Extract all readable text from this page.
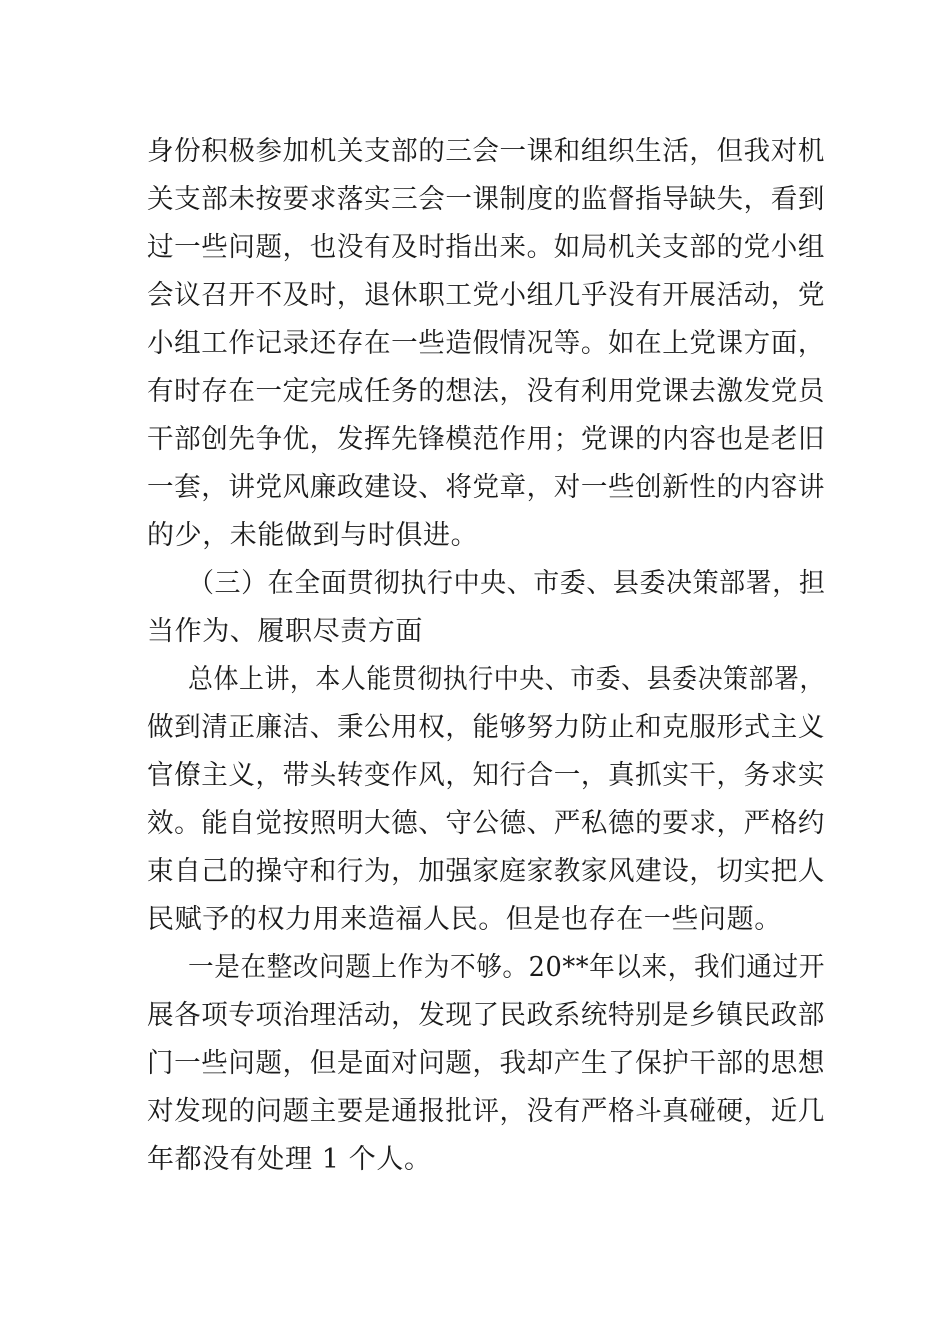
身份积极参加机关支部的三会一课和组织生活，但我对机
关支部未按要求落实三会一课制度的监督指导缺失，看到
过一些问题，也没有及时指出来。如局机关支部的党小组
会议召开不及时，退休职工党小组几乎没有开展活动，党
小组工作记录还存在一些造假情况等。如在上党课方面，
有时存在一定完成任务的想法，没有利用党课去激发党员
干部创先争优，发挥先锋模范作用；党课的内容也是老旧
一套，讲党风廉政建设、将党章，对一些创新性的内容讲
的少，未能做到与时俱进。
（三）在全面贯彻执行中央、市委、县委决策部署，担
当作为、履职尽责方面
总体上讲，本人能贯彻执行中央、市委、县委决策部署，
做到清正廉洁、秉公用权，能够努力防止和克服形式主义
官僚主义，带头转变作风，知行合一，真抓实干，务求实
效。能自觉按照明大德、守公德、严私德的要求，严格约
束自己的操守和行为，加强家庭家教家风建设，切实把人
民赋予的权力用来造福人民。但是也存在一些问题。
一是在整改问题上作为不够。20**年以来，我们通过开
展各项专项治理活动，发现了民政系统特别是乡镇民政部
门一些问题，但是面对问题，我却产生了保护干部的思想
对发现的问题主要是通报批评，没有严格斗真碰硬，近几
年都没有处理 1 个人。
